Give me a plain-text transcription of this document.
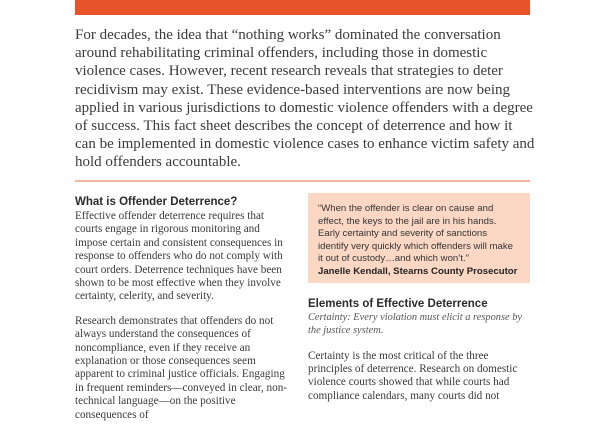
For decades, the idea that “nothing works” dominated the conversation around rehabilitating criminal offenders, including those in domestic violence cases. However, recent research reveals that strategies to deter recidivism may exist. These evidence-based interventions are now being applied in various jurisdictions to domestic violence offenders with a degree of success. This fact sheet describes the concept of deterrence and how it can be implemented in domestic violence cases to enhance victim safety and hold offenders accountable.

What is Offender Deterrence?

Effective offender deterrence requires that courts engage in rigorous monitoring and impose certain and consistent consequences in response to offenders who do not comply with court orders. Deterrence techniques have been shown to be most effective when they involve certainty, celerity, and severity.

Research demonstrates that offenders do not always understand the consequences of noncompliance, even if they receive an explanation or those consequences seem apparent to criminal justice officials. Engaging in frequent reminders—conveyed in clear, non- technical language—on the positive consequences of

“When the offender is clear on cause and effect, the keys to the jail are in his hands. Early certainty and severity of sanctions identify very quickly which offenders will make it out of custody…and which won’t.”

Janelle Kendall, Stearns County Prosecutor

Elements of Effective Deterrence

Certainty: Every violation must elicit a response by the justice system.

Certainty is the most critical of the three principles of deterrence. Research on domestic violence courts showed that while courts had compliance calendars, many courts did not
